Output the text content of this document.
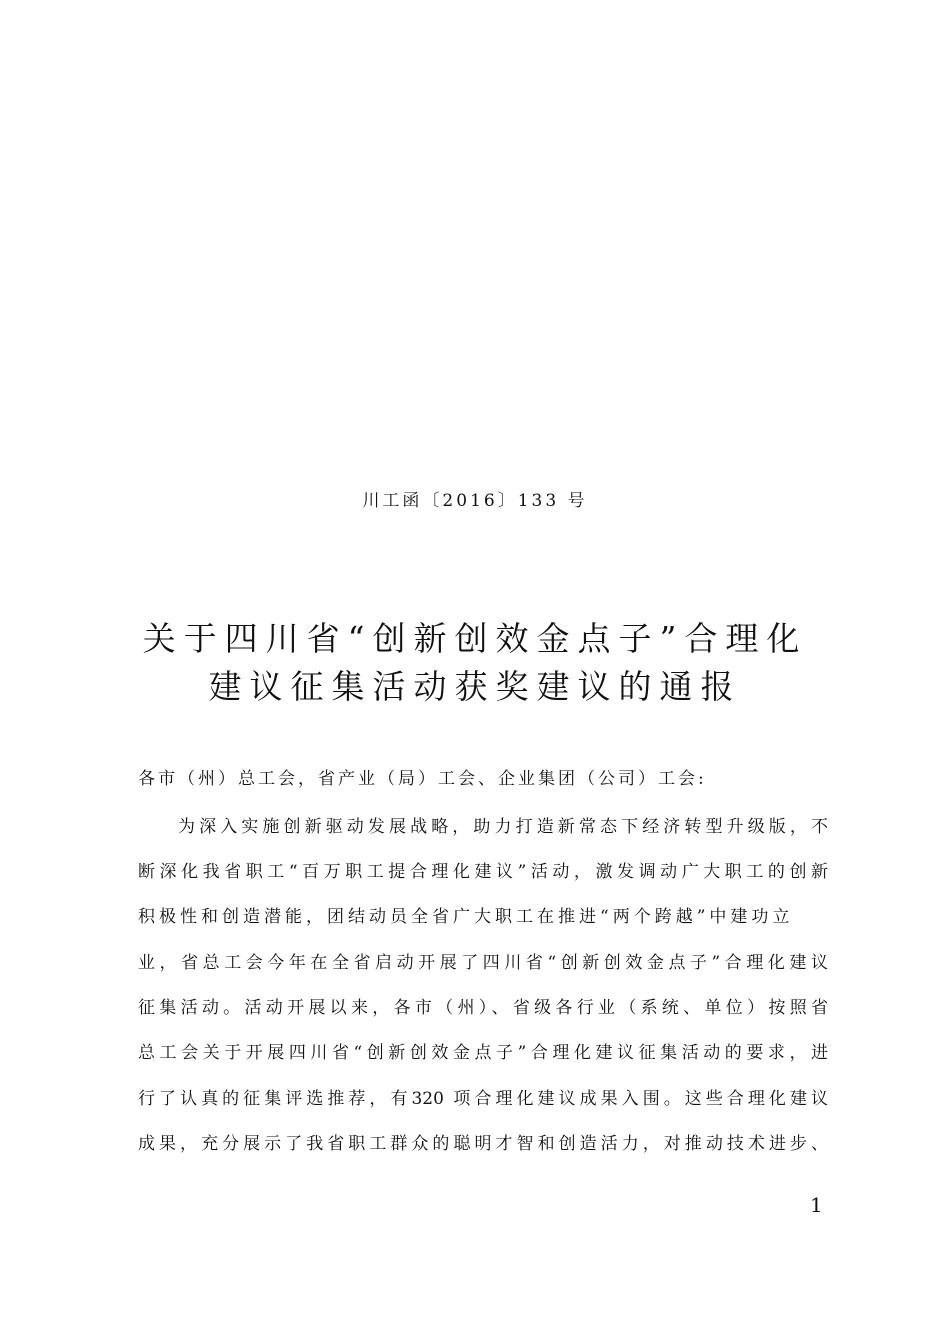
川工函〔2016〕133 号
关于四川省“创新创效金点子”合理化
建议征集活动获奖建议的通报
各市（州）总工会，省产业（局）工会、企业集团（公司）工会:
为深入实施创新驱动发展战略，助力打造新常态下经济转型升级版，不
断深化我省职工“百万职工提合理化建议”活动，激发调动广大职工的创新
积极性和创造潜能，团结动员全省广大职工在推进“两个跨越”中建功立
业，省总工会今年在全省启动开展了四川省“创新创效金点子”合理化建议
征集活动。活动开展以来，各市（州）、省级各行业（系统、单位）按照省
总工会关于开展四川省“创新创效金点子”合理化建议征集活动的要求，进
行了认真的征集评选推荐，有320 项合理化建议成果入围。这些合理化建议
成果，充分展示了我省职工群众的聪明才智和创造活力，对推动技术进步、
1
